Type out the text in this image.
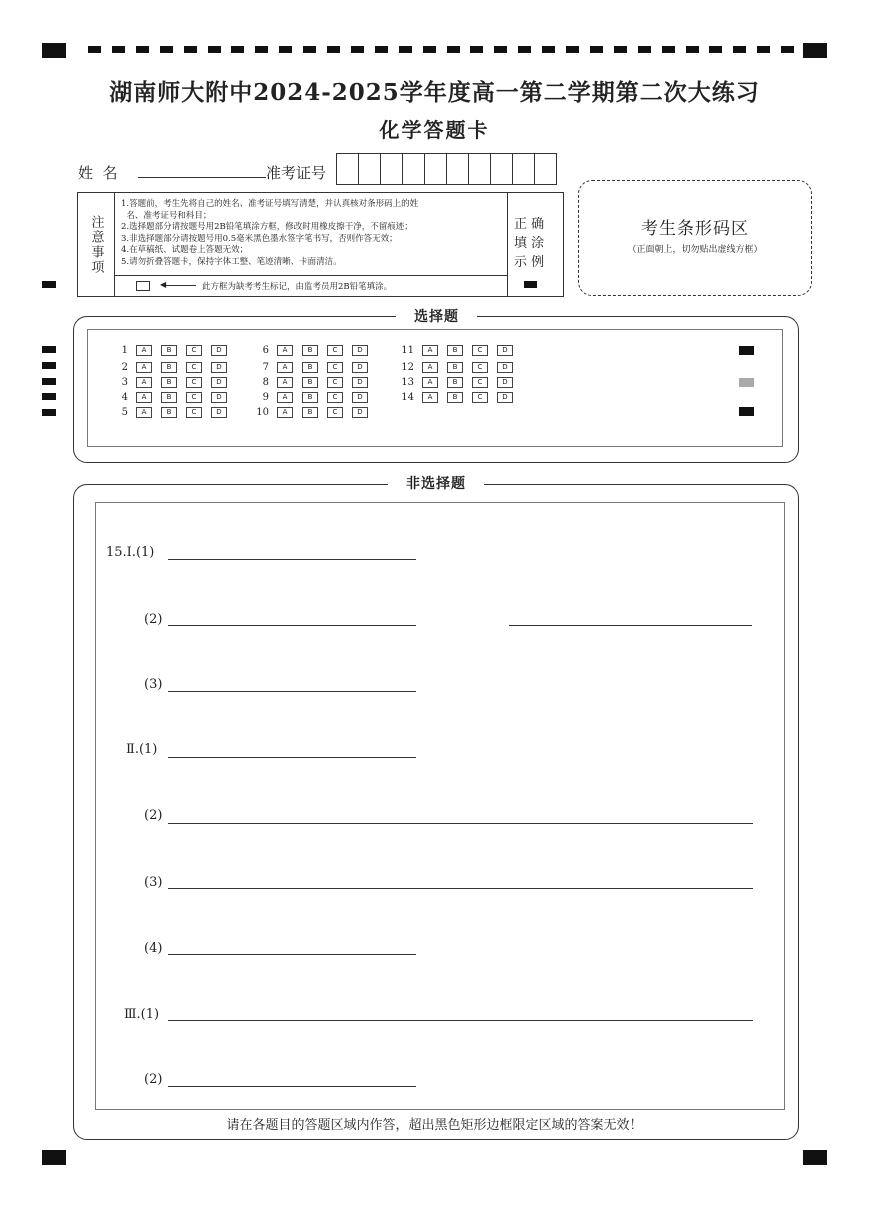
湖南师大附中2024-2025学年度高一第二学期第二次大练习
化学答题卡
姓  名	准考证号
注意事项
1.答题前，考生先将自己的姓名、准考证号填写清楚，并认真核对条形码上的姓
名、准考证号和科目；
2.选择题部分请按题号用2B铅笔填涂方框，修改时用橡皮擦干净，不留痕迹；
3.非选择题部分请按题号用0.5毫米黑色墨水签字笔书写，否则作答无效；
4.在草稿纸、试题卷上答题无效；
5.请勿折叠答题卡，保持字体工整、笔迹清晰、卡面清洁。
◀	此方框为缺考考生标记，由监考员用2B铅笔填涂。
正 确 填 涂 示 例
考生条形码区
（正面朝上，切勿贴出虚线方框）
选择题
1	A	B	C	D
2	A	B	C	D
3	A	B	C	D
4	A	B	C	D
5	A	B	C	D
6	A	B	C	D
7	A	B	C	D
8	A	B	C	D
9	A	B	C	D
10	A	B	C	D
11	A	B	C	D
12	A	B	C	D
13	A	B	C	D
14	A	B	C	D
非选择题
15.Ⅰ.(1)
(2)
(3)
Ⅱ.(1)
(2)
(3)
(4)
Ⅲ.(1)
(2)
请在各题目的答题区域内作答，超出黑色矩形边框限定区域的答案无效！
